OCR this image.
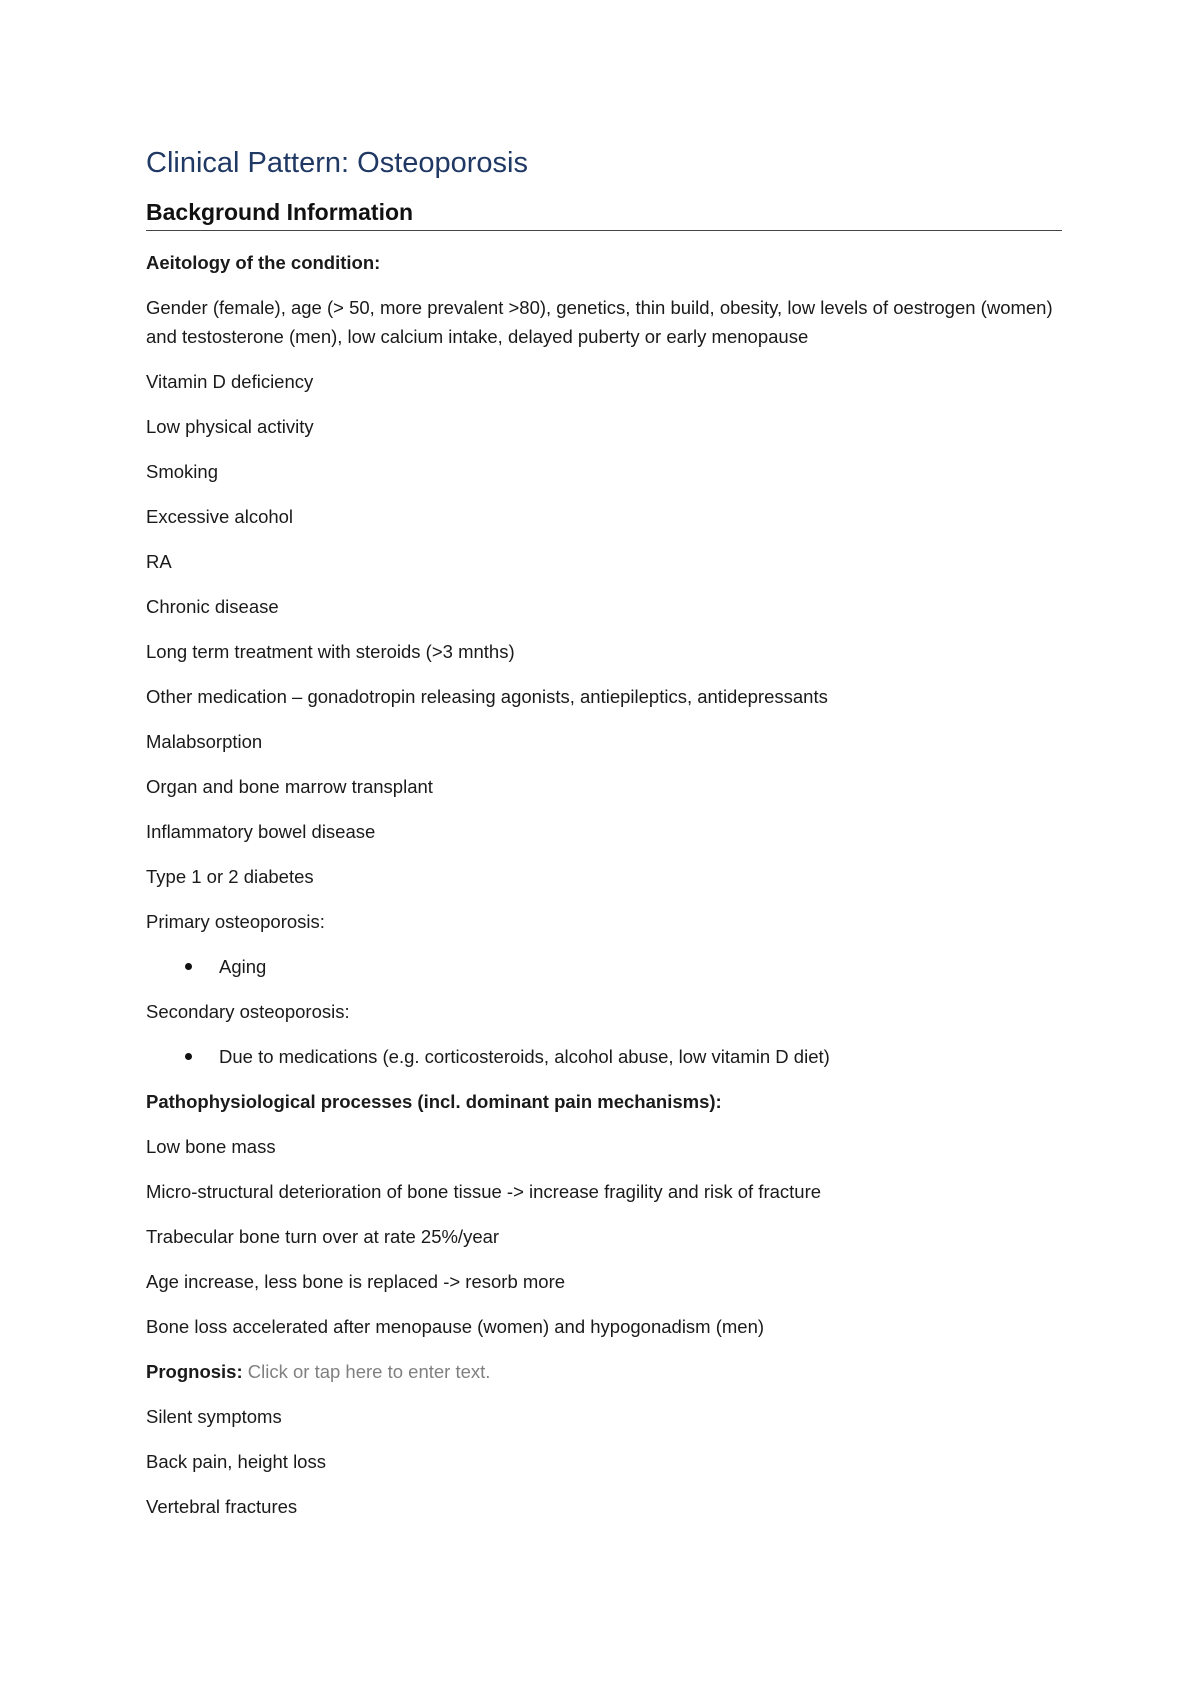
Clinical Pattern: Osteoporosis
Background Information

Aeitology of the condition:

Gender (female), age (> 50, more prevalent >80), genetics, thin build, obesity, low levels of oestrogen (women) and testosterone (men), low calcium intake, delayed puberty or early menopause

Vitamin D deficiency

Low physical activity

Smoking

Excessive alcohol

RA

Chronic disease

Long term treatment with steroids (>3 mnths)

Other medication – gonadotropin releasing agonists, antiepileptics, antidepressants

Malabsorption

Organ and bone marrow transplant

Inflammatory bowel disease

Type 1 or 2 diabetes

Primary osteoporosis:

Aging

Secondary osteoporosis:

Due to medications (e.g. corticosteroids, alcohol abuse, low vitamin D diet)

Pathophysiological processes (incl. dominant pain mechanisms):

Low bone mass

Micro-structural deterioration of bone tissue -> increase fragility and risk of fracture

Trabecular bone turn over at rate 25%/year

Age increase, less bone is replaced -> resorb more

Bone loss accelerated after menopause (women) and hypogonadism (men)

Prognosis: Click or tap here to enter text.

Silent symptoms

Back pain, height loss

Vertebral fractures
